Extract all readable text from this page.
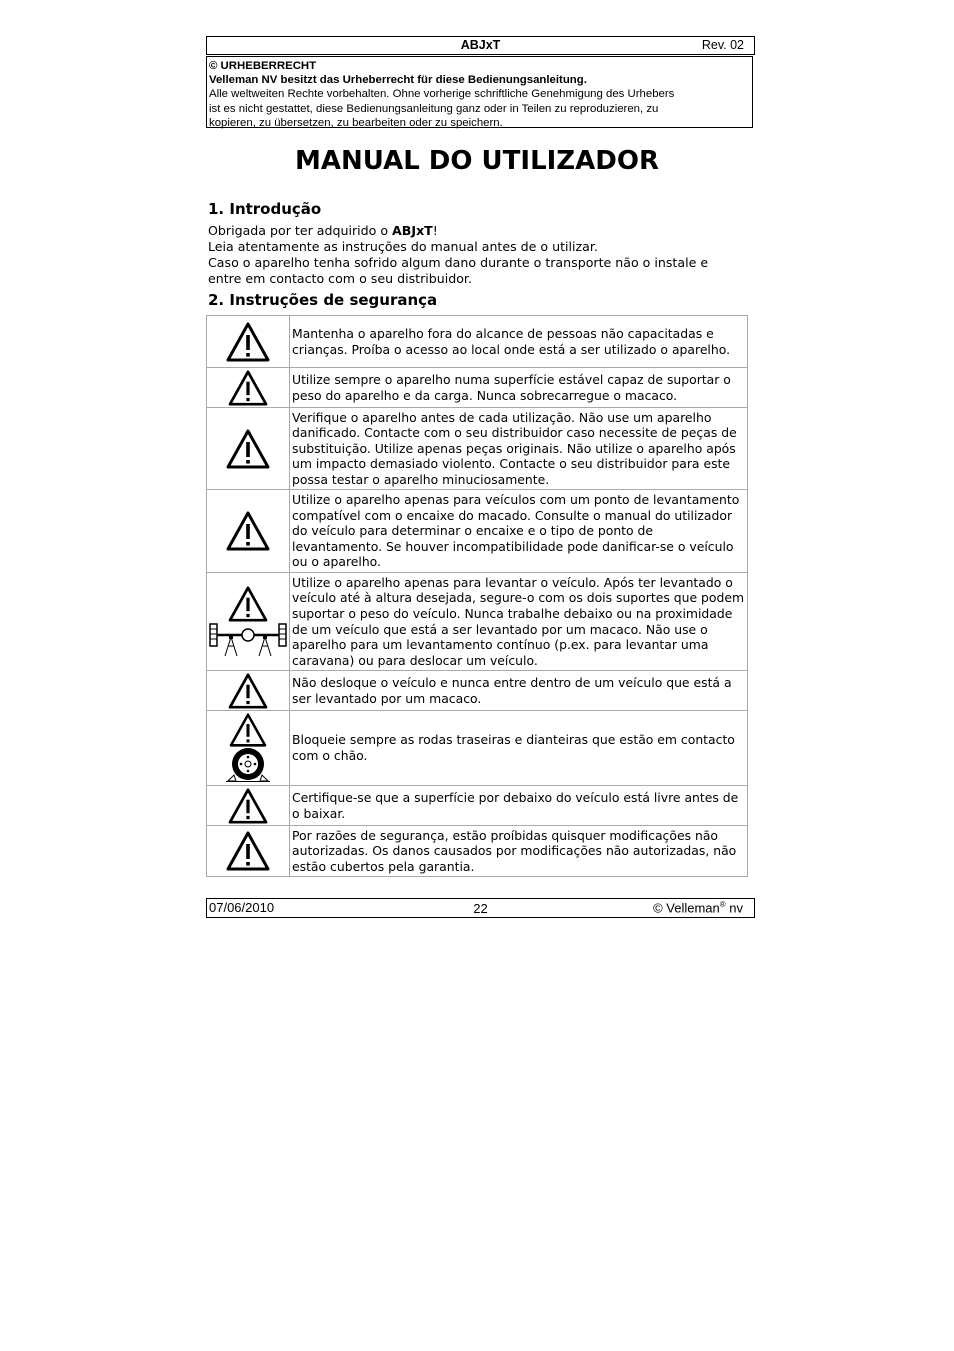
ABJxT	Rev. 02
© URHEBERRECHT
Velleman NV besitzt das Urheberrecht für diese Bedienungsanleitung.
Alle weltweiten Rechte vorbehalten. Ohne vorherige schriftliche Genehmigung des Urhebers
ist es nicht gestattet, diese Bedienungsanleitung ganz oder in Teilen zu reproduzieren, zu
kopieren, zu übersetzen, zu bearbeiten oder zu speichern.
MANUAL DO UTILIZADOR
1. Introdução

Obrigada por ter adquirido o ABJxT!

Leia atentamente as instruções do manual antes de o utilizar.

Caso o aparelho tenha sofrido algum dano durante o transporte não o instale e

entre em contacto com o seu distribuidor.

2. Instruções de segurança
	Mantenha o aparelho fora do alcance de pessoas não capacitadas e crianças. Proíba o acesso ao local onde está a ser utilizado o aparelho.

	Utilize sempre o aparelho numa superfície estável capaz de suportar o peso do aparelho e da carga. Nunca sobrecarregue o macaco.

	Verifique o aparelho antes de cada utilização. Não use um aparelho danificado. Contacte com o seu distribuidor caso necessite de peças de substituição. Utilize apenas peças originais. Não utilize o aparelho após um impacto demasiado violento. Contacte o seu distribuidor para este possa testar o aparelho minuciosamente.

	Utilize o aparelho apenas para veículos com um ponto de levantamento compatível com o encaixe do macado. Consulte o manual do utilizador do veículo para determinar o encaixe e o tipo de ponto de levantamento. Se houver incompatibilidade pode danificar-se o veículo ou o aparelho.

	Utilize o aparelho apenas para levantar o veículo. Após ter levantado o veículo até à altura desejada, segure-o com os dois suportes que podem suportar o peso do veículo. Nunca trabalhe debaixo ou na proximidade de um veículo que está a ser levantado por um macaco. Não use o aparelho para um levantamento contínuo (p.ex. para levantar uma caravana) ou para deslocar um veículo.

	Não desloque o veículo e nunca entre dentro de um veículo que está a ser levantado por um macaco.

	Bloqueie sempre as rodas traseiras e dianteiras que estão em contacto com o chão.

	Certifique-se que a superfície por debaixo do veículo está livre antes de o baixar.

	Por razões de segurança, estão proíbidas quisquer modificações não autorizadas. Os danos causados por modificações não autorizadas, não estão cubertos pela garantia.
07/06/2010	22	© Velleman® nv
